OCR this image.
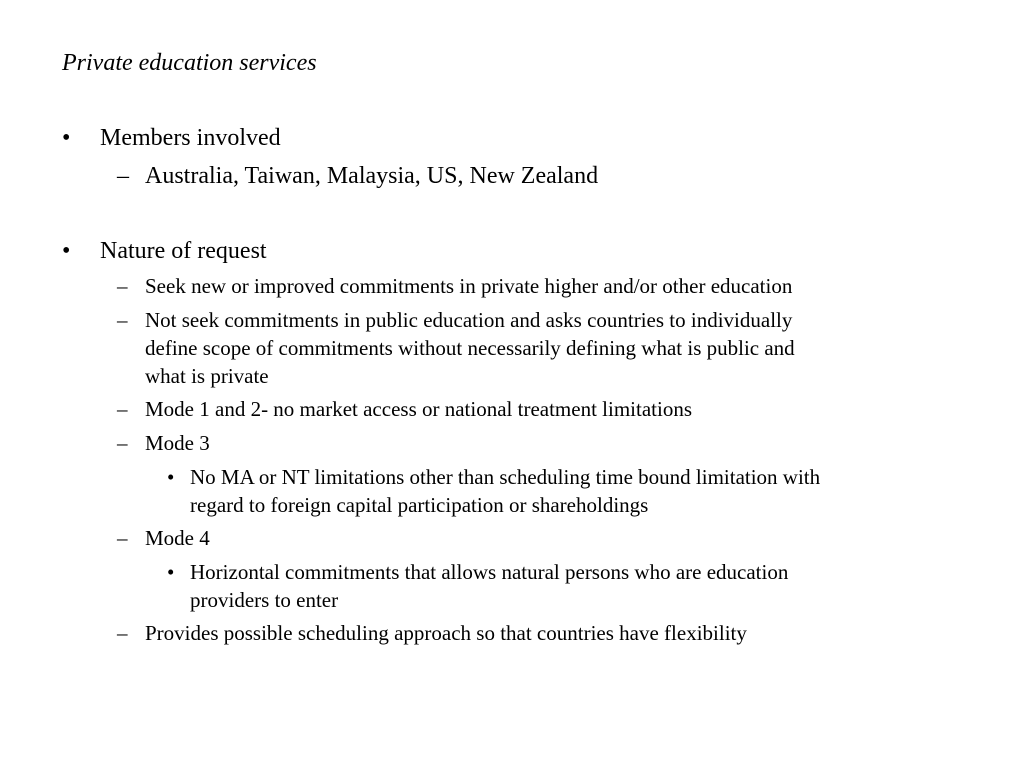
Private education services
• Members involved
– Australia, Taiwan, Malaysia, US, New Zealand
• Nature of request
– Seek new or improved commitments in private higher and/or other education
– Not seek commitments in public education and asks countries to individually
define scope of commitments without necessarily defining what is public and
what is private
– Mode 1 and 2- no market access or national treatment limitations
– Mode 3
• No MA or NT limitations other than scheduling time bound limitation with
regard to foreign capital participation or shareholdings
– Mode 4
• Horizontal commitments that allows natural persons who are education
providers to enter
– Provides possible scheduling approach so that countries have flexibility
